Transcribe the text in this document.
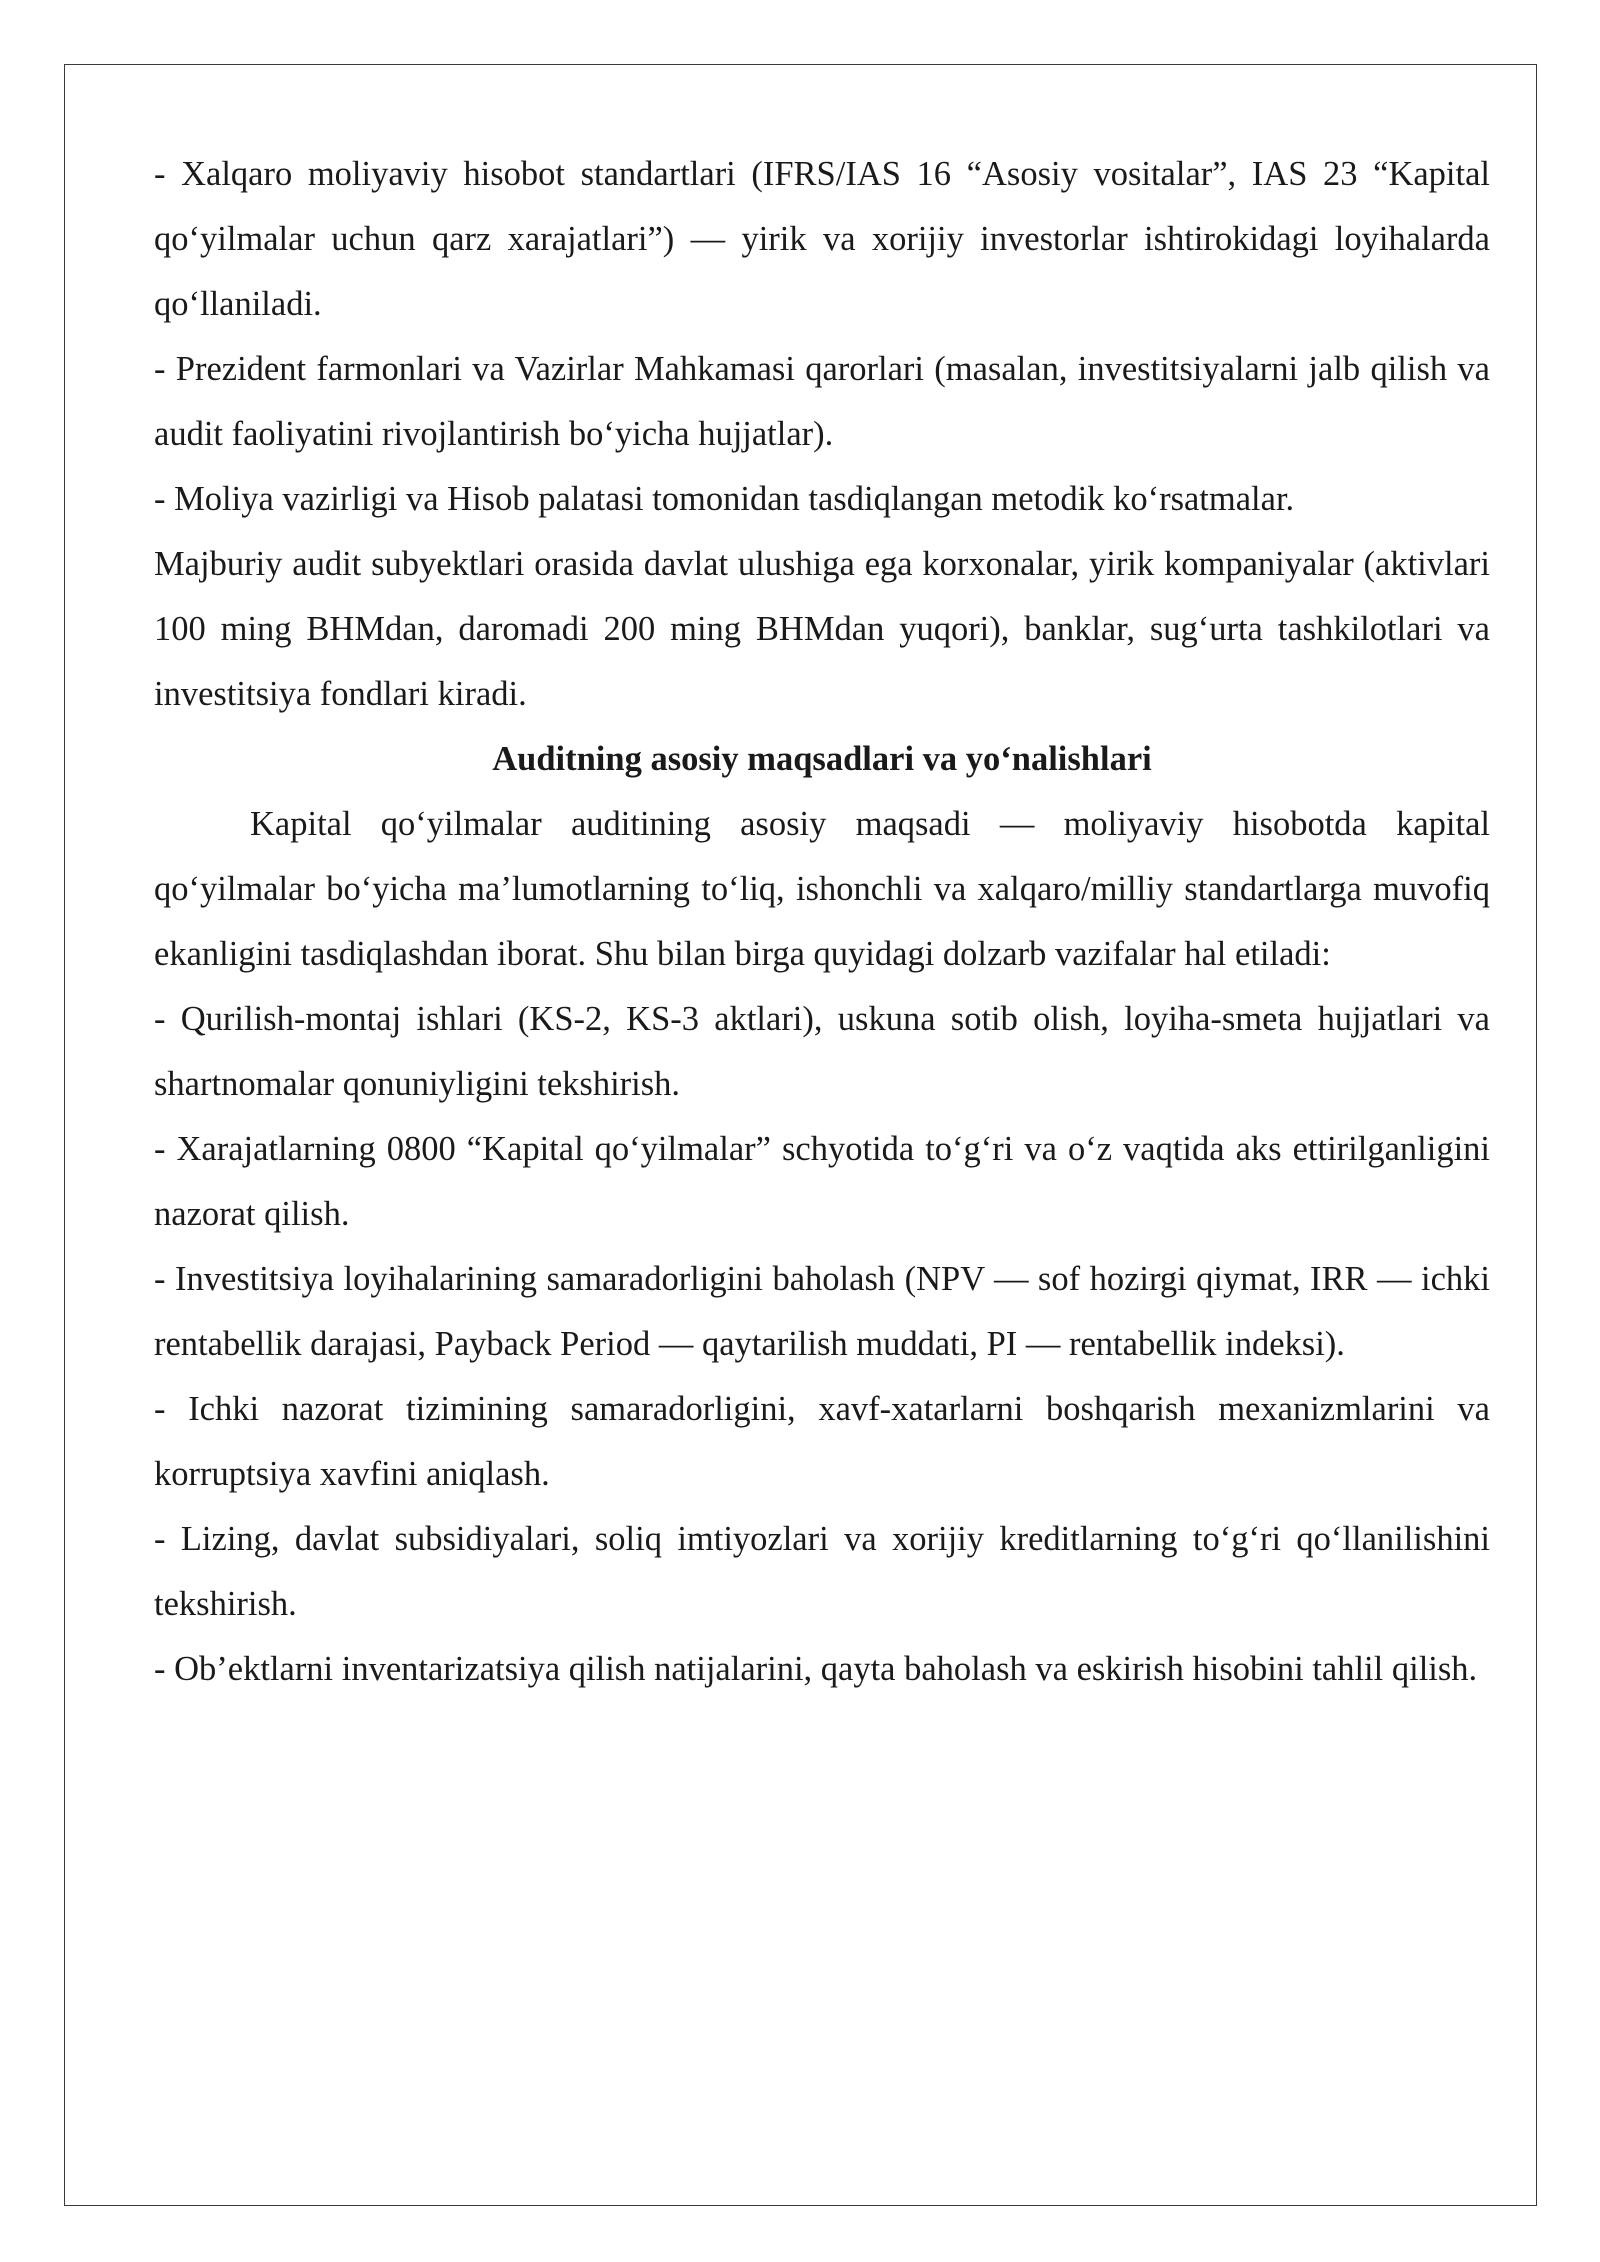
- Xalqaro moliyaviy hisobot standartlari (IFRS/IAS 16 “Asosiy vositalar”, IAS 23 “Kapital qo‘yilmalar uchun qarz xarajatlari”) — yirik va xorijiy investorlar ishtirokidagi loyihalarda qo‘llaniladi.

- Prezident farmonlari va Vazirlar Mahkamasi qarorlari (masalan, investitsiyalarni jalb qilish va audit faoliyatini rivojlantirish bo‘yicha hujjatlar).

- Moliya vazirligi va Hisob palatasi tomonidan tasdiqlangan metodik ko‘rsatmalar.

Majburiy audit subyektlari orasida davlat ulushiga ega korxonalar, yirik kompaniyalar (aktivlari 100 ming BHMdan, daromadi 200 ming BHMdan yuqori), banklar, sug‘urta tashkilotlari va investitsiya fondlari kiradi.

Auditning asosiy maqsadlari va yo‘nalishlari

Kapital qo‘yilmalar auditining asosiy maqsadi — moliyaviy hisobotda kapital qo‘yilmalar bo‘yicha ma’lumotlarning to‘liq, ishonchli va xalqaro/milliy standartlarga muvofiq ekanligini tasdiqlashdan iborat. Shu bilan birga quyidagi dolzarb vazifalar hal etiladi:

- Qurilish-montaj ishlari (KS-2, KS-3 aktlari), uskuna sotib olish, loyiha-smeta hujjatlari va shartnomalar qonuniyligini tekshirish.

- Xarajatlarning 0800 “Kapital qo‘yilmalar” schyotida to‘g‘ri va o‘z vaqtida aks ettirilganligini nazorat qilish.

- Investitsiya loyihalarining samaradorligini baholash (NPV — sof hozirgi qiymat, IRR — ichki rentabellik darajasi, Payback Period — qaytarilish muddati, PI — rentabellik indeksi).

- Ichki nazorat tizimining samaradorligini, xavf-xatarlarni boshqarish mexanizmlarini va korruptsiya xavfini aniqlash.

- Lizing, davlat subsidiyalari, soliq imtiyozlari va xorijiy kreditlarning to‘g‘ri qo‘llanilishini tekshirish.

- Ob’ektlarni inventarizatsiya qilish natijalarini, qayta baholash va eskirish hisobini tahlil qilish.
